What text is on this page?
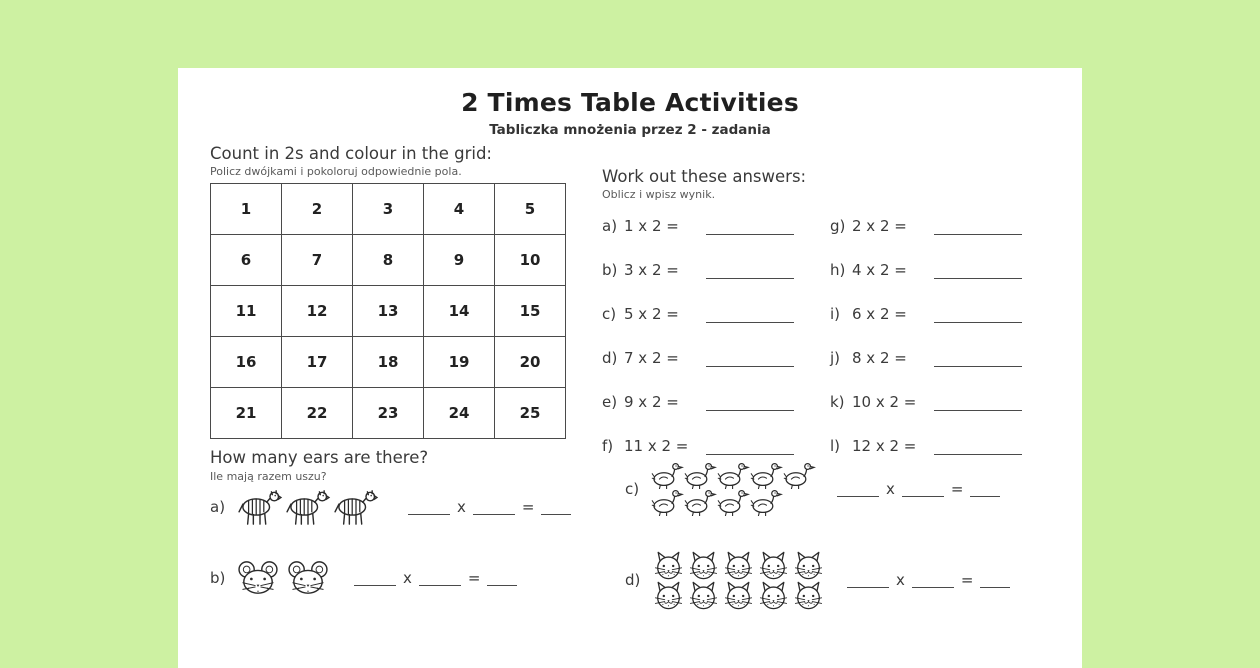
2 Times Table Activities
Tabliczka mnożenia przez 2 - zadania
Count in 2s and colour in the grid:
Policz dwójkami i pokoloruj odpowiednie pola.
1	2	3	4	5
6	7	8	9	10
11	12	13	14	15
16	17	18	19	20
21	22	23	24	25
Work out these answers:
Oblicz i wpisz wynik.
a) 1 x 2 =
b) 3 x 2 =
c) 5 x 2 =
d) 7 x 2 =
e) 9 x 2 =
f) 11 x 2 =
g) 2 x 2 =
h) 4 x 2 =
i) 6 x 2 =
j) 8 x 2 =
k) 10 x 2 =
l) 12 x 2 =
How many ears are there?
Ile mają razem uszu?
a)	x	=
b)	x	=
c)	x	=
d)	x	=
